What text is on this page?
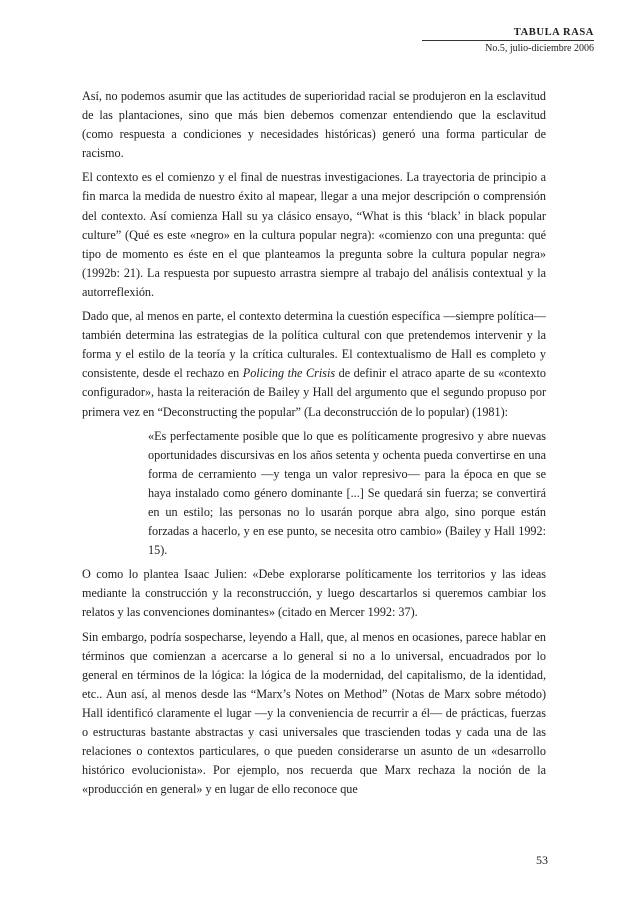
TABULA RASA
No.5, julio-diciembre 2006

Así, no podemos asumir que las actitudes de superioridad racial se produjeron en la esclavitud de las plantaciones, sino que más bien debemos comenzar entendiendo que la esclavitud (como respuesta a condiciones y necesidades históricas) generó una forma particular de racismo.

El contexto es el comienzo y el final de nuestras investigaciones. La trayectoria de principio a fin marca la medida de nuestro éxito al mapear, llegar a una mejor descripción o comprensión del contexto. Así comienza Hall su ya clásico ensayo, “What is this ‘black’ in black popular culture” (Qué es este «negro» en la cultura popular negra): «comienzo con una pregunta: qué tipo de momento es éste en el que planteamos la pregunta sobre la cultura popular negra» (1992b: 21). La respuesta por supuesto arrastra siempre al trabajo del análisis contextual y la autorreflexión.

Dado que, al menos en parte, el contexto determina la cuestión específica —siempre política—también determina las estrategias de la política cultural con que pretendemos intervenir y la forma y el estilo de la teoría y la crítica culturales. El contextualismo de Hall es completo y consistente, desde el rechazo en Policing the Crisis de definir el atraco aparte de su «contexto configurador», hasta la reiteración de Bailey y Hall del argumento que el segundo propuso por primera vez en “Deconstructing the popular” (La deconstrucción de lo popular) (1981):

«Es perfectamente posible que lo que es políticamente progresivo y abre nuevas oportunidades discursivas en los años setenta y ochenta pueda convertirse en una forma de cerramiento —y tenga un valor represivo— para la época en que se haya instalado como género dominante [...] Se quedará sin fuerza; se convertirá en un estilo; las personas no lo usarán porque abra algo, sino porque están forzadas a hacerlo, y en ese punto, se necesita otro cambio» (Bailey y Hall 1992: 15).

O como lo plantea Isaac Julien: «Debe explorarse políticamente los territorios y las ideas mediante la construcción y la reconstrucción, y luego descartarlos si queremos cambiar los relatos y las convenciones dominantes» (citado en Mercer 1992: 37).

Sin embargo, podría sospecharse, leyendo a Hall, que, al menos en ocasiones, parece hablar en términos que comienzan a acercarse a lo general si no a lo universal, encuadrados por lo general en términos de la lógica: la lógica de la modernidad, del capitalismo, de la identidad, etc.. Aun así, al menos desde las “Marx’s Notes on Method” (Notas de Marx sobre método) Hall identificó claramente el lugar —y la conveniencia de recurrir a él— de prácticas, fuerzas o estructuras bastante abstractas y casi universales que trascienden todas y cada una de las relaciones o contextos particulares, o que pueden considerarse un asunto de un «desarrollo histórico evolucionista». Por ejemplo, nos recuerda que Marx rechaza la noción de la «producción en general» y en lugar de ello reconoce que

53
